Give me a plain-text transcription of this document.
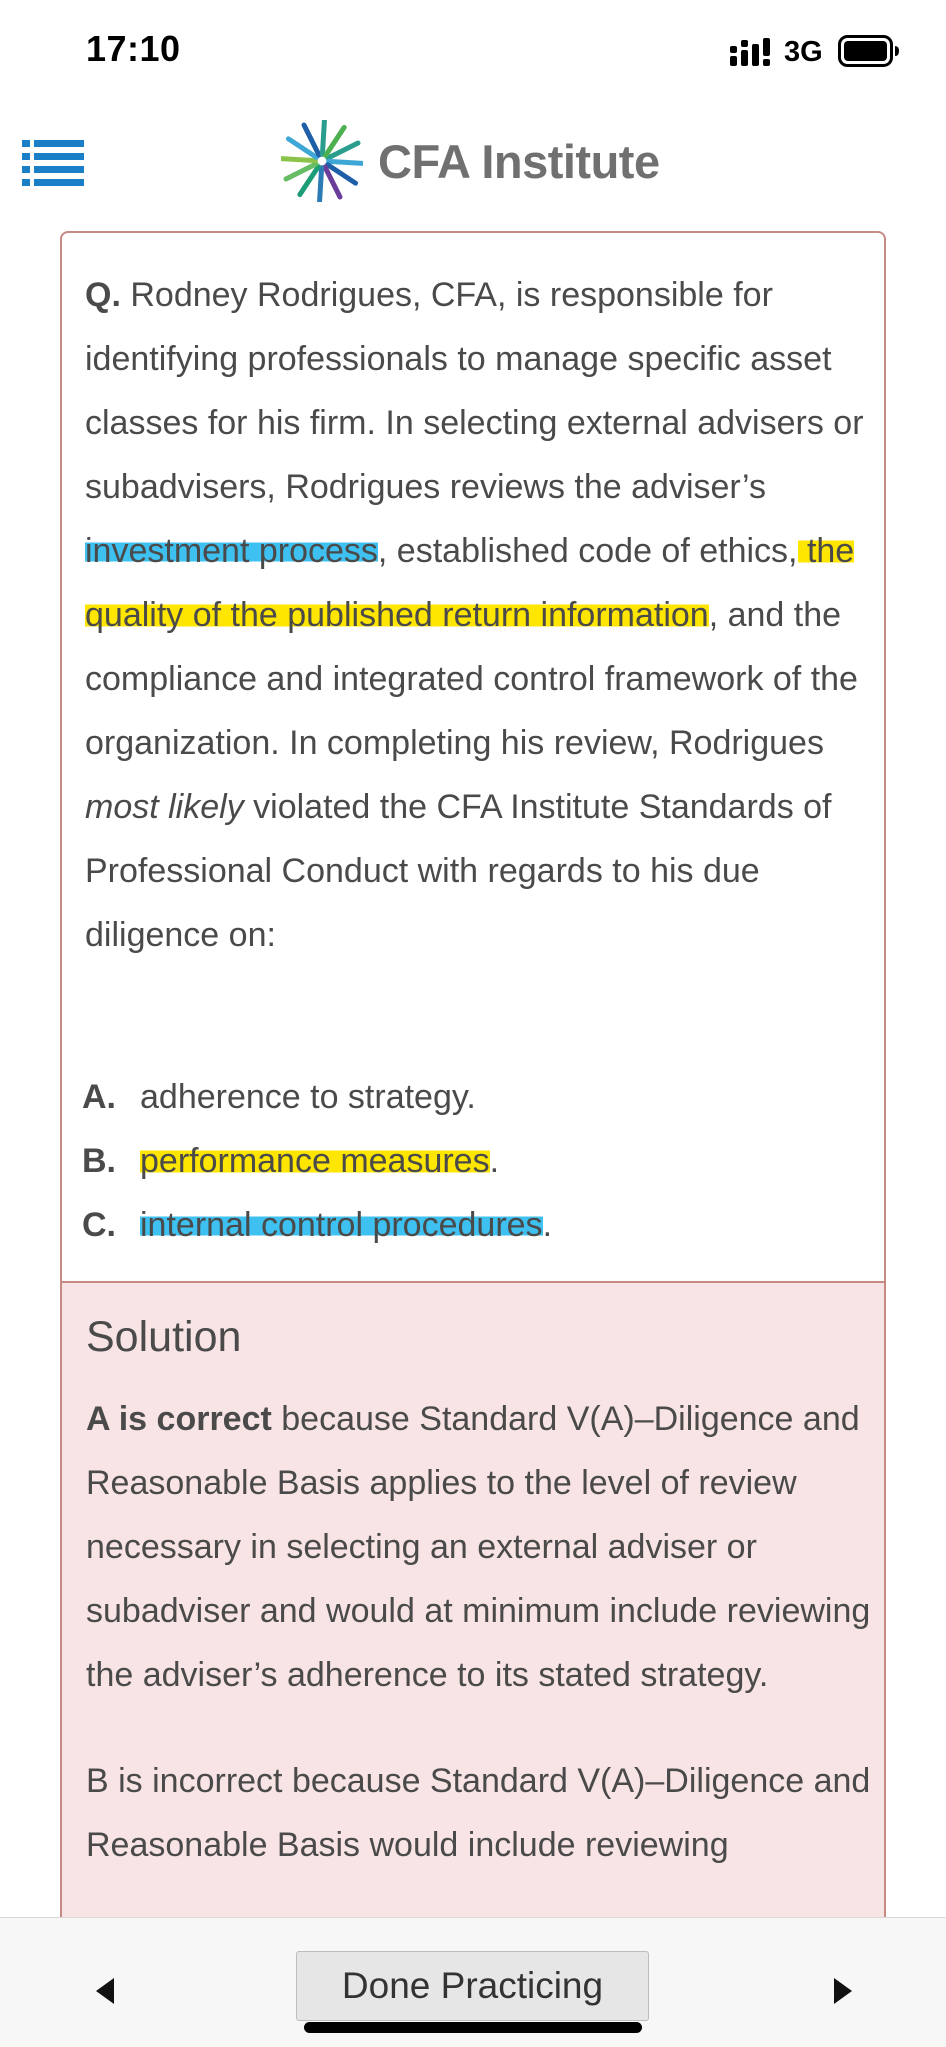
17:10	3G
CFA Institute
Q. Rodney Rodrigues, CFA, is responsible for identifying professionals to manage specific asset classes for his firm. In selecting external advisers or subadvisers, Rodrigues reviews the adviser’s investment process, established code of ethics, the quality of the published return information, and the compliance and integrated control framework of the organization. In completing his review, Rodrigues most likely violated the CFA Institute Standards of Professional Conduct with regards to his due diligence on:
A. adherence to strategy.
B. performance measures.
C. internal control procedures.
Solution

A is correct because Standard V(A)–Diligence and Reasonable Basis applies to the level of review necessary in selecting an external adviser or subadviser and would at minimum include reviewing the adviser’s adherence to its stated strategy.

B is incorrect because Standard V(A)–Diligence and Reasonable Basis would include reviewing

Done Practicing
